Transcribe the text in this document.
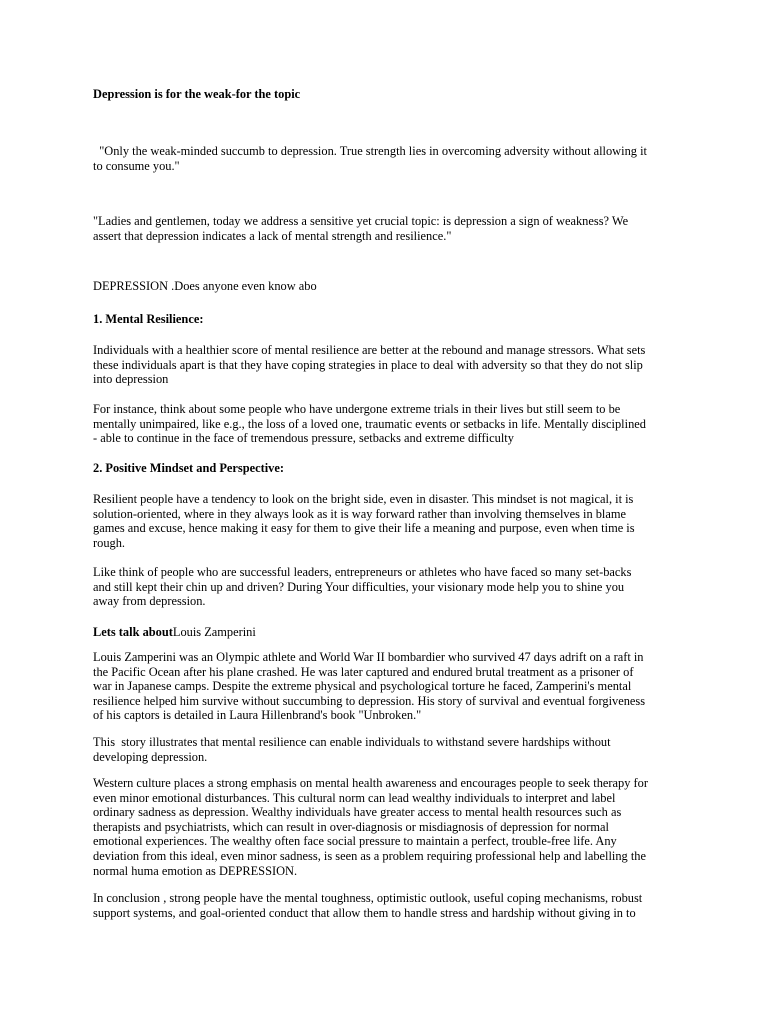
Depression is for the weak-for the topic
"Only the weak-minded succumb to depression. True strength lies in overcoming adversity without allowing it
to consume you."
"Ladies and gentlemen, today we address a sensitive yet crucial topic: is depression a sign of weakness? We
assert that depression indicates a lack of mental strength and resilience."
DEPRESSION .Does anyone even know abo
1. Mental Resilience:
Individuals with a healthier score of mental resilience are better at the rebound and manage stressors. What sets
these individuals apart is that they have coping strategies in place to deal with adversity so that they do not slip
into depression
For instance, think about some people who have undergone extreme trials in their lives but still seem to be
mentally unimpaired, like e.g., the loss of a loved one, traumatic events or setbacks in life. Mentally disciplined
- able to continue in the face of tremendous pressure, setbacks and extreme difficulty
2. Positive Mindset and Perspective:
Resilient people have a tendency to look on the bright side, even in disaster. This mindset is not magical, it is
solution-oriented, where in they always look as it is way forward rather than involving themselves in blame
games and excuse, hence making it easy for them to give their life a meaning and purpose, even when time is
rough.
Like think of people who are successful leaders, entrepreneurs or athletes who have faced so many set-backs
and still kept their chin up and driven? During Your difficulties, your visionary mode help you to shine you
away from depression.
Lets talk aboutLouis Zamperini
Louis Zamperini was an Olympic athlete and World War II bombardier who survived 47 days adrift on a raft in
the Pacific Ocean after his plane crashed. He was later captured and endured brutal treatment as a prisoner of
war in Japanese camps. Despite the extreme physical and psychological torture he faced, Zamperini's mental
resilience helped him survive without succumbing to depression. His story of survival and eventual forgiveness
of his captors is detailed in Laura Hillenbrand's book "Unbroken."
This  story illustrates that mental resilience can enable individuals to withstand severe hardships without
developing depression.
Western culture places a strong emphasis on mental health awareness and encourages people to seek therapy for
even minor emotional disturbances. This cultural norm can lead wealthy individuals to interpret and label
ordinary sadness as depression. Wealthy individuals have greater access to mental health resources such as
therapists and psychiatrists, which can result in over-diagnosis or misdiagnosis of depression for normal
emotional experiences. The wealthy often face social pressure to maintain a perfect, trouble-free life. Any
deviation from this ideal, even minor sadness, is seen as a problem requiring professional help and labelling the
normal huma emotion as DEPRESSION.
In conclusion , strong people have the mental toughness, optimistic outlook, useful coping mechanisms, robust
support systems, and goal-oriented conduct that allow them to handle stress and hardship without giving in to
